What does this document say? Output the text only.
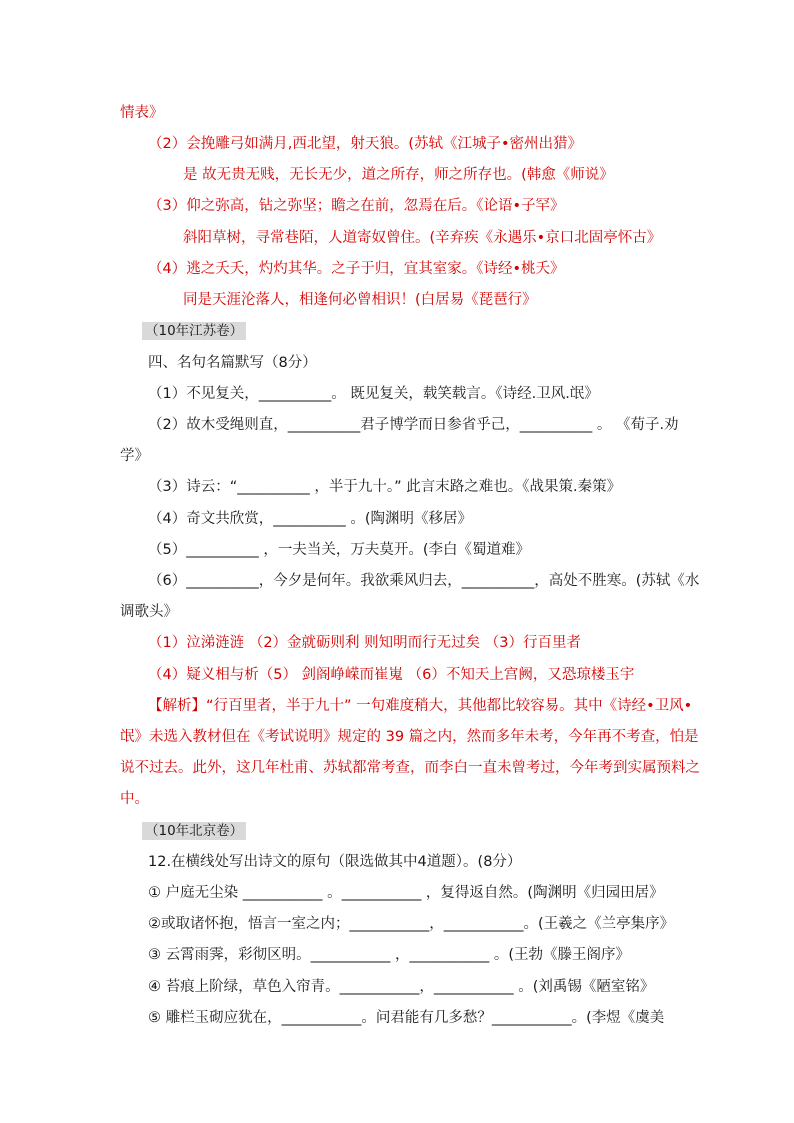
情表》
（2）会挽雕弓如满月,西北望，射天狼。(苏轼《江城子•密州出猎》
是 故无贵无贱，无长无少，道之所存，师之所存也。(韩愈《师说》
（3）仰之弥高，钻之弥坚；瞻之在前，忽焉在后。《论语•子罕》
斜阳草树，寻常巷陌，人道寄奴曾住。(辛弃疾《永遇乐•京口北固亭怀古》
（4）逃之夭夭，灼灼其华。之子于归，宜其室家。《诗经•桃夭》
同是天涯沦落人，相逢何必曾相识！(白居易《琵琶行》
（10年江苏卷）
四、名句名篇默写（8分）
（1）不见复关，__________。 既见复关，载笑载言。《诗经.卫风.氓》
（2）故木受绳则直，__________君子博学而日参省乎己，__________ 。 《荀子.劝
学》
（3）诗云：“__________ ，半于九十。” 此言末路之难也。《战果策.秦策》
（4）奇文共欣赏，__________ 。(陶渊明《移居》
（5）__________ ，一夫当关，万夫莫开。(李白《蜀道难》
（6）__________，今夕是何年。我欲乘风归去，__________，高处不胜寒。(苏轼《水
调歌头》
（1）泣涕涟涟 （2）金就砺则利 则知明而行无过矣 （3）行百里者
（4）疑义相与析（5） 剑阁峥嵘而崔嵬 （6）不知天上宫阙，又恐琼楼玉宇
【解析】“行百里者，半于九十” 一句难度稍大，其他都比较容易。其中《诗经•卫风•
氓》未选入教材但在《考试说明》规定的 39 篇之内，然而多年未考，今年再不考查，怕是
说不过去。此外，这几年杜甫、苏轼都常考查，而李白一直未曾考过，今年考到实属预料之
中。
（10年北京卷）
12.在横线处写出诗文的原句（限选做其中4道题）。(8分）
① 户庭无尘染 ___________ 。___________ ，复得返自然。(陶渊明《归园田居》
②或取诸怀抱，悟言一室之内；___________，___________。(王羲之《兰亭集序》
③ 云霄雨霁，彩彻区明。___________ ，___________ 。(王勃《滕王阁序》
④ 苔痕上阶绿，草色入帘青。___________，___________ 。(刘禹锡《陋室铭》
⑤ 雕栏玉砌应犹在，___________。问君能有几多愁？___________。(李煜《虞美
